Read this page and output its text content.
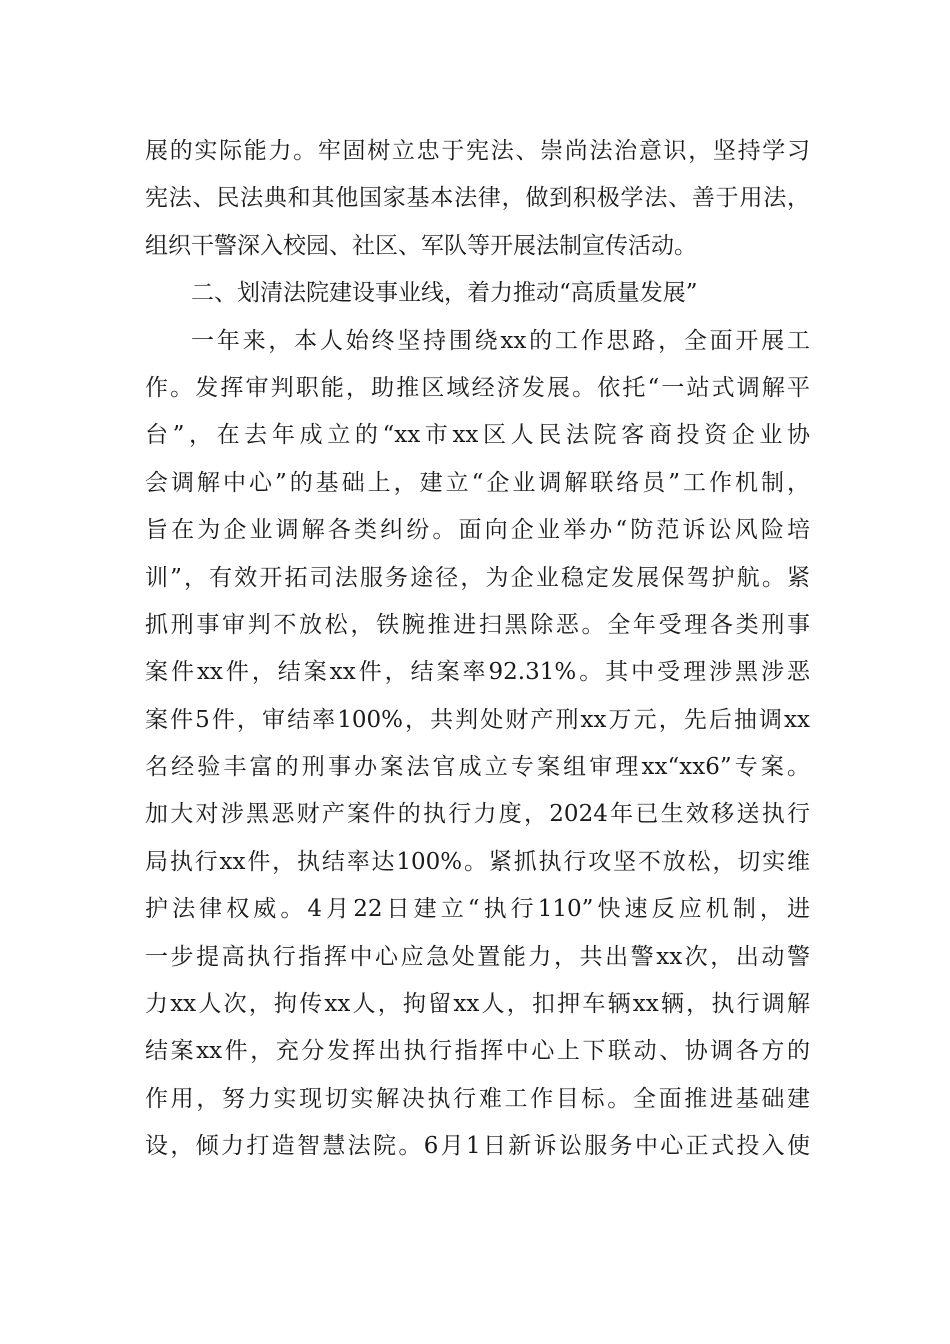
展的实际能力。牢固树立忠于宪法、崇尚法治意识，坚持学习
宪法、民法典和其他国家基本法律，做到积极学法、善于用法，
组织干警深入校园、社区、军队等开展法制宣传活动。
二、划清法院建设事业线，着力推动“高质量发展”
一年来，本人始终坚持围绕xx的工作思路，全面开展工
作。发挥审判职能，助推区域经济发展。依托“一站式调解平
台”，在去年成立的“xx市xx区人民法院客商投资企业协
会调解中心”的基础上，建立“企业调解联络员”工作机制，
旨在为企业调解各类纠纷。面向企业举办“防范诉讼风险培
训”，有效开拓司法服务途径，为企业稳定发展保驾护航。紧
抓刑事审判不放松，铁腕推进扫黑除恶。全年受理各类刑事
案件xx件，结案xx件，结案率92.31%。其中受理涉黑涉恶
案件5件，审结率100%，共判处财产刑xx万元，先后抽调xx
名经验丰富的刑事办案法官成立专案组审理xx“xx6”专案。
加大对涉黑恶财产案件的执行力度，2024年已生效移送执行
局执行xx件，执结率达100%。紧抓执行攻坚不放松，切实维
护法律权威。4月22日建立“执行110”快速反应机制，进
一步提高执行指挥中心应急处置能力，共出警xx次，出动警
力xx人次，拘传xx人，拘留xx人，扣押车辆xx辆，执行调解
结案xx件，充分发挥出执行指挥中心上下联动、协调各方的
作用，努力实现切实解决执行难工作目标。全面推进基础建
设，倾力打造智慧法院。6月1日新诉讼服务中心正式投入使
